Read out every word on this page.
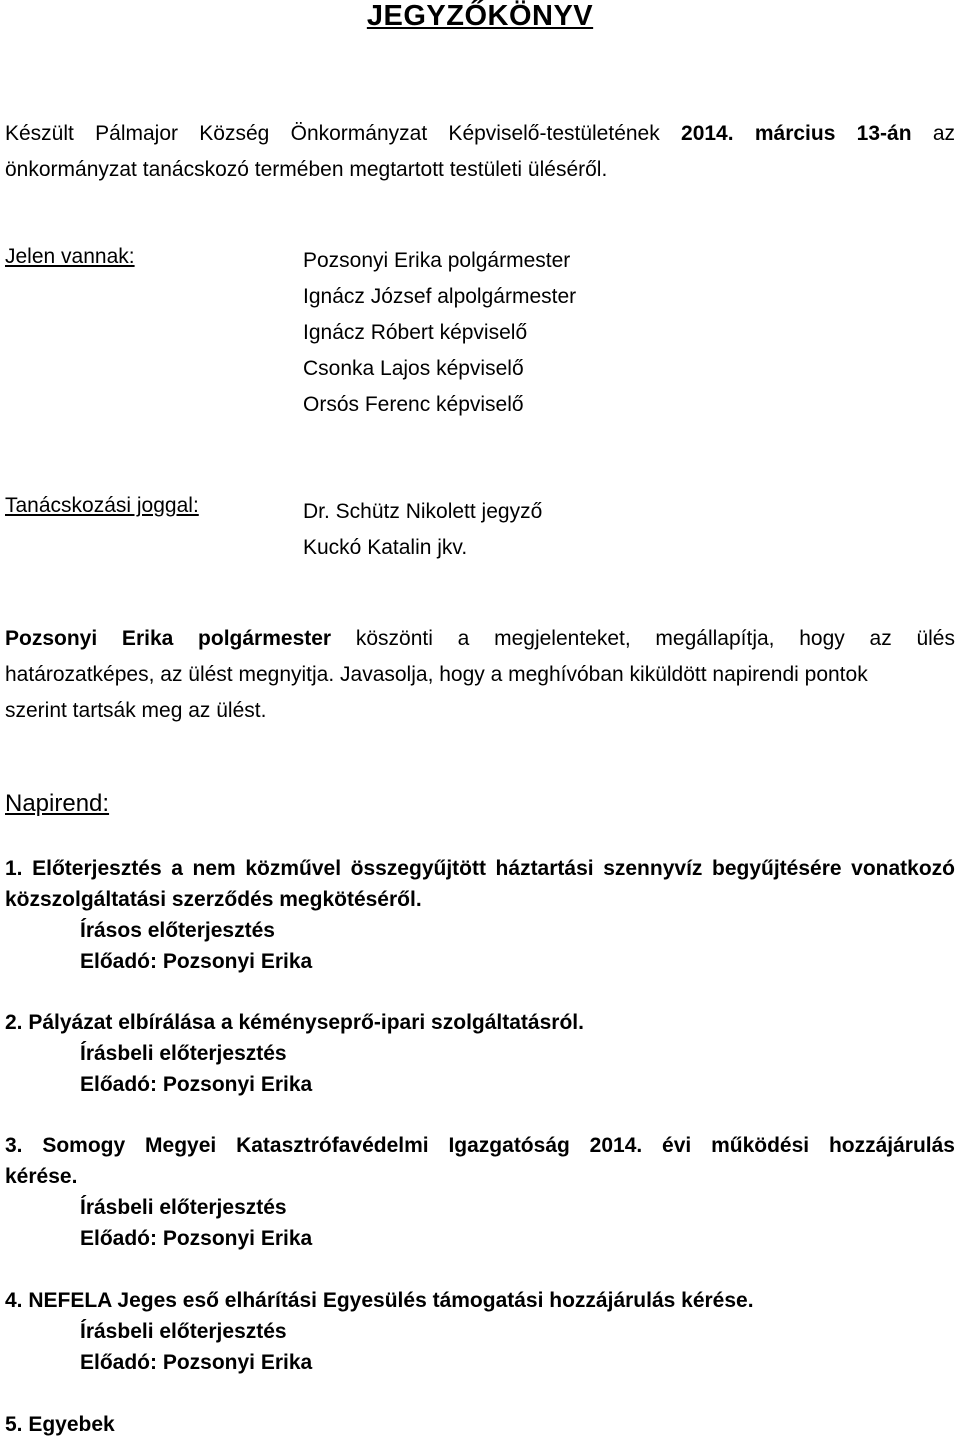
JEGYZŐKÖNYV
Készült Pálmajor Község Önkormányzat Képviselő-testületének 2014. március 13-án az
önkormányzat tanácskozó termében megtartott testületi üléséről.
Jelen vannak:	Pozsonyi Erika polgármester
Ignácz József alpolgármester
Ignácz Róbert képviselő
Csonka Lajos képviselő
Orsós Ferenc képviselő
Tanácskozási joggal:	Dr. Schütz Nikolett jegyző
Kuckó Katalin jkv.
Pozsonyi Erika polgármester köszönti a megjelenteket, megállapítja, hogy az ülés
határozatképes, az ülést megnyitja. Javasolja, hogy a meghívóban kiküldött napirendi pontok
szerint tartsák meg az ülést.
Napirend:
1. Előterjesztés a nem közművel összegyűjtött háztartási szennyvíz begyűjtésére vonatkozó
közszolgáltatási szerződés megkötéséről.
Írásos előterjesztés
Előadó: Pozsonyi Erika
2. Pályázat elbírálása a kéményseprő-ipari szolgáltatásról.
Írásbeli előterjesztés
Előadó: Pozsonyi Erika
3. Somogy Megyei Katasztrófavédelmi Igazgatóság 2014. évi működési hozzájárulás
kérése.
Írásbeli előterjesztés
Előadó: Pozsonyi Erika
4. NEFELA Jeges eső elhárítási Egyesülés támogatási hozzájárulás kérése.
Írásbeli előterjesztés
Előadó: Pozsonyi Erika
5. Egyebek
